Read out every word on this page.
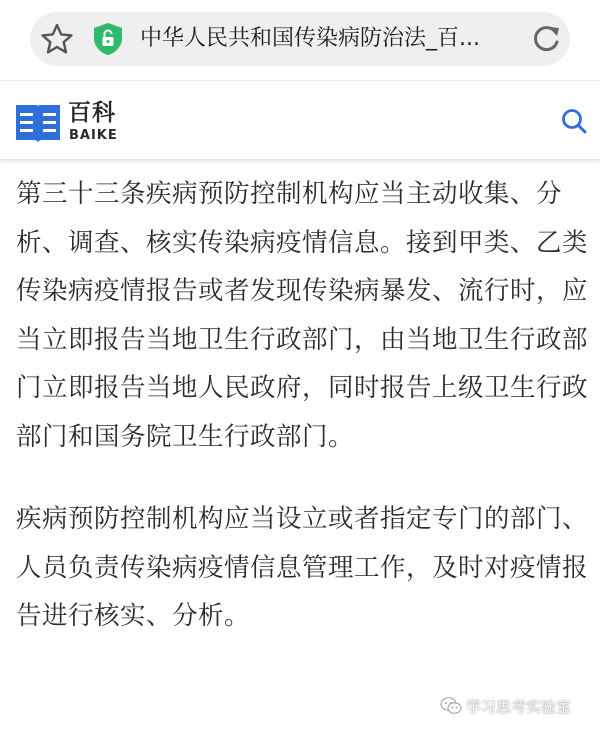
中华人民共和国传染病防治法_百...
百科
BAIKE

第三十三条疾病预防控制机构应当主动收集、分析、调查、核实传染病疫情信息。接到甲类、乙类传染病疫情报告或者发现传染病暴发、流行时，应当立即报告当地卫生行政部门，由当地卫生行政部门立即报告当地人民政府，同时报告上级卫生行政部门和国务院卫生行政部门。

疾病预防控制机构应当设立或者指定专门的部门、人员负责传染病疫情信息管理工作，及时对疫情报告进行核实、分析。

学习思考实验室
